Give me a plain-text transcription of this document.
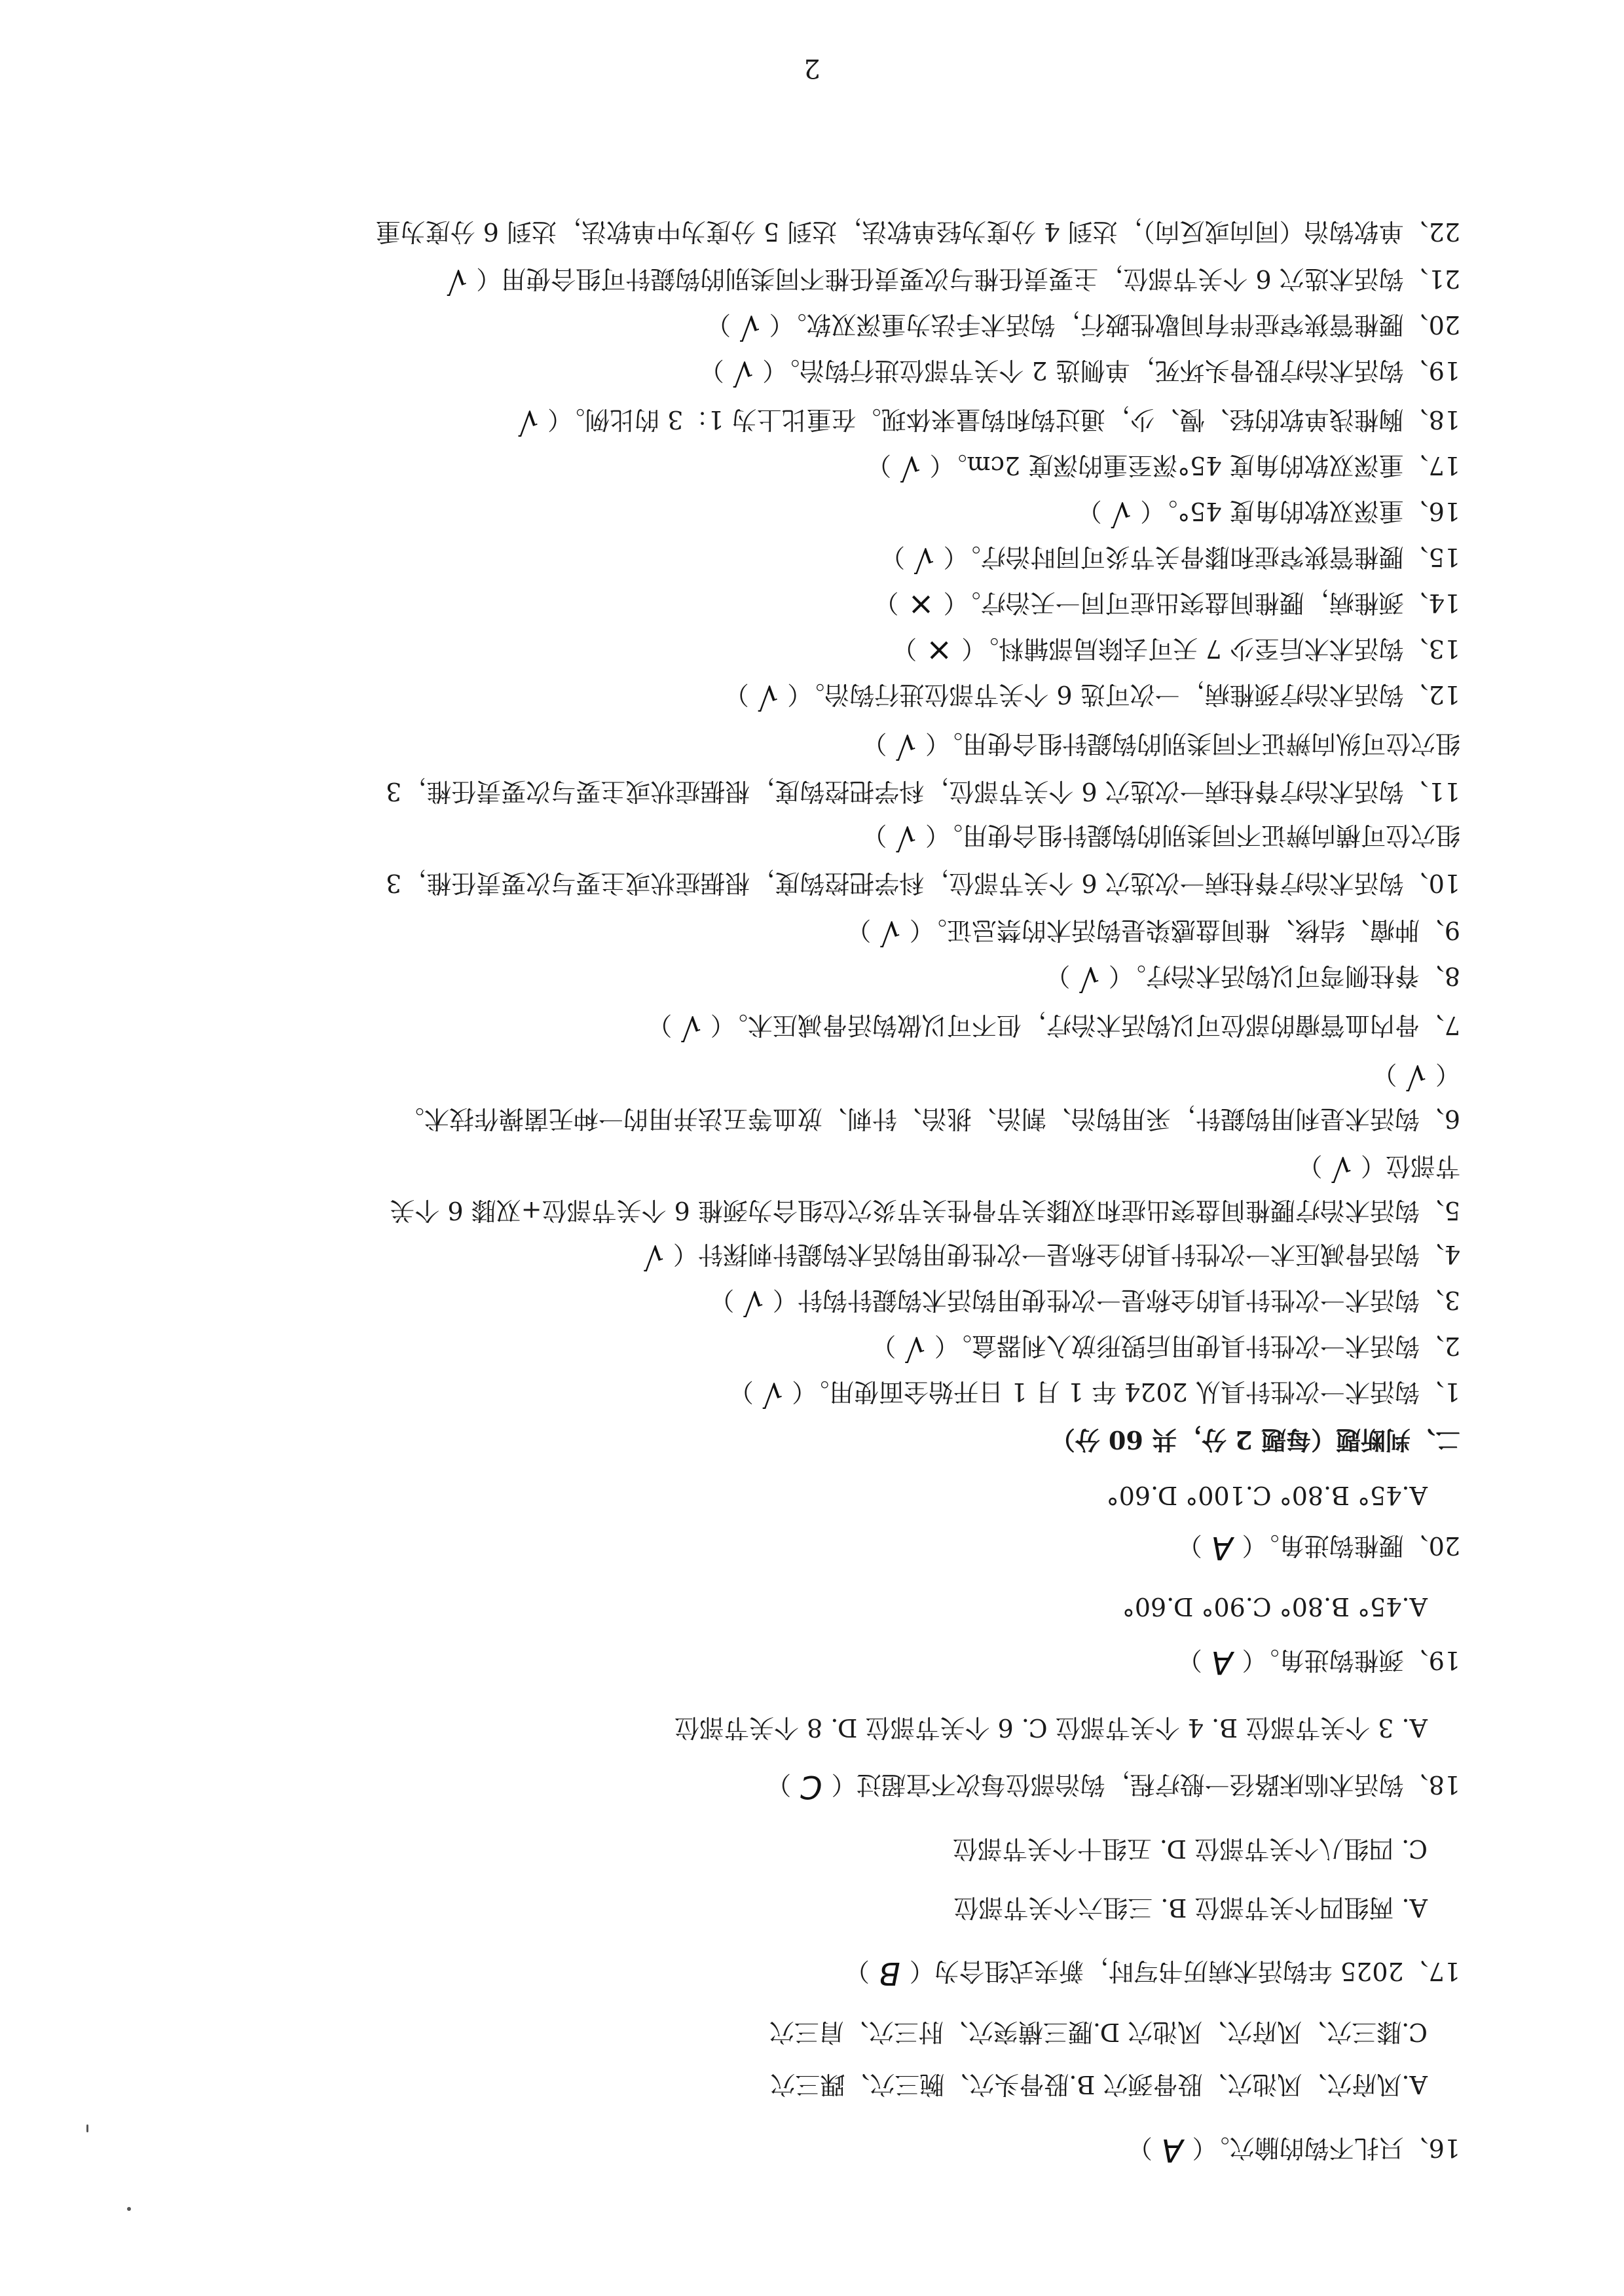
16、只扎不钩的腧穴。（A）
A.风府穴、风池穴、股骨颈穴 B.股骨头穴、腕三穴、踝三穴
C.膝三穴、风府穴、风池穴 D.腰三横突穴、肘三穴、肩三穴
17、2025 年钩活术病历书写时，新夹式组合为（B）
A. 两组四个关节部位 B. 三组六个关节部位
C. 四组八个关节部位 D. 五组十个关节部位
18、钩活术临床路径一般疗程，钩治部位每次不宜超过（C）
A. 3 个关节部位 B. 4 个关节部位 C. 6 个关节部位 D. 8 个关节部位
19、颈椎钩进角。（A）
A.45° B.80° C.90° D.60°
20、腰椎钩进角。（A）
A.45° B.80° C.100° D.60°
二、判断题（每题 2 分，共 60 分）
1、钩活术一次性针具从 2024 年 1 月 1 日开始全面使用。（√）
2、钩活术一次性针具使用后毁形放入利器盒。（√）
3、钩活术一次性针具的全称是一次性使用钩活术钩鍉针钩针（√）
4、钩活骨减压术一次性针具的全称是一次性使用钩活术钩鍉针刺探针（√
5、钩活术治疗腰椎间盘突出症和双膝关节骨性关节炎穴位组合为颈椎 6 个关节部位+双膝 6 个关
节部位（√）
6、钩活术是利用钩鍉针，采用钩治、割治、挑治、针刺、放血等五法并用的一种无菌操作技术。
（√）
7、骨内血管瘤的部位可以钩活术治疗，但不可以做钩活骨减压术。（√）
8、脊柱侧弯可以钩活术治疗。（√）
9、肿瘤、结核、椎间盘感染是钩活术的禁忌证。（√）
10、钩活术治疗脊柱病一次选穴 6 个关节部位，科学把控钩度，根据症状或主要与次要责任椎，3
组穴位可横向辨证不同类别的钩鍉针组合使用。（√）
11、钩活术治疗脊柱病一次选穴 6 个关节部位，科学把控钩度，根据症状或主要与次要责任椎，3
组穴位可纵向辨证不同类别的钩鍉针组合使用。（√）
12、钩活术治疗颈椎病，一次可选 6 个关节部位进行钩治。（√）
13、钩活术术后至少 7 天可去除局部辅料。（×）
14、颈椎病，腰椎间盘突出症可同一天治疗。（×）
15、腰椎管狭窄症和膝骨关节炎可同时治疗。（√）
16、重深双软的角度 45°。（√）
17、重深双软的角度 45°深至重的深度 2cm。（√）
18、胸椎浅单软的轻、慢、少，通过钩和钩量来体现。在重比上为 1：3 的比例。（√
19、钩活术治疗股骨头坏死，单侧选 2 个关节部位进行钩治。（√）
20、腰椎管狭窄症伴有间歇性跛行，钩活术手法为重深双软。（√）
21、钩活术选穴 6 个关节部位，主要责任椎与次要责任椎不同类别的钩鍉针可组合使用（√
22、单软钩治（同向或反向），达到 4 分度为轻单软法，达到 5 分度为中单软法，达到 6 分度为重
2
